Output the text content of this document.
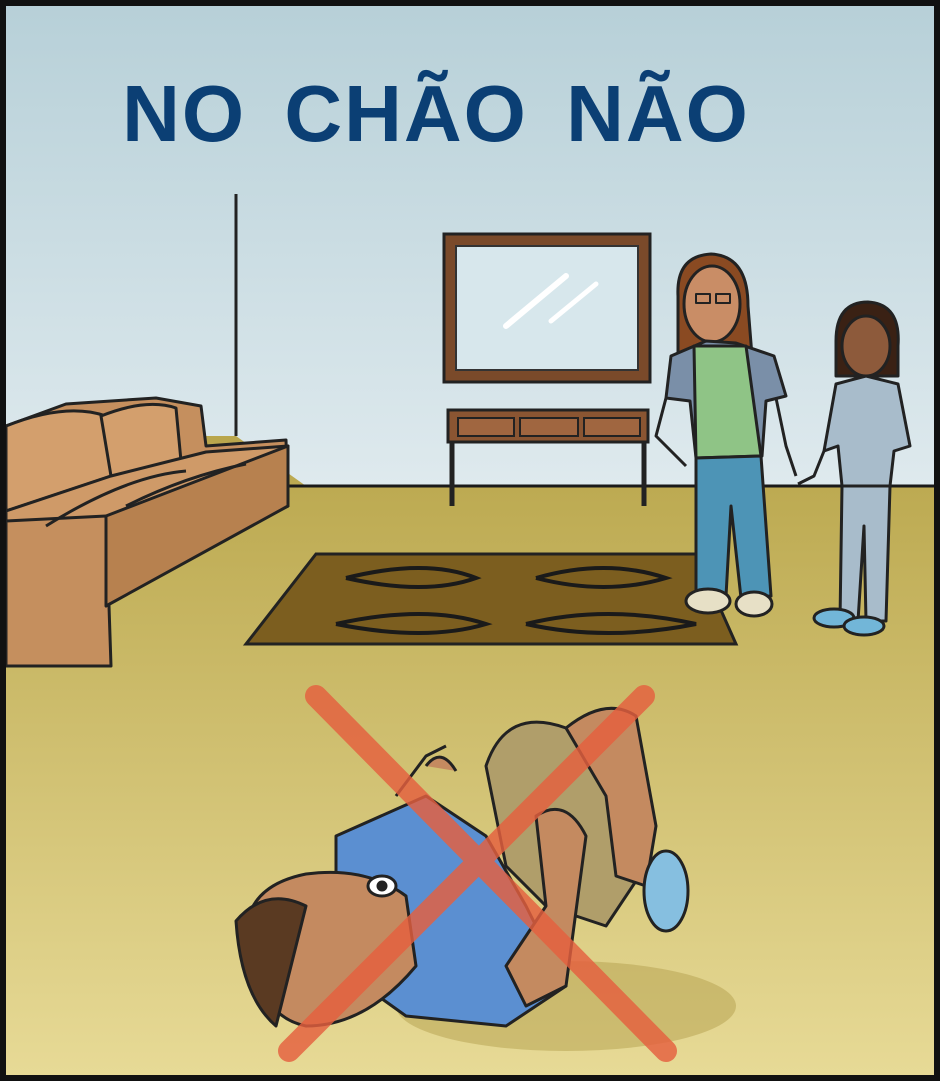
NO CHÃO NÃO
